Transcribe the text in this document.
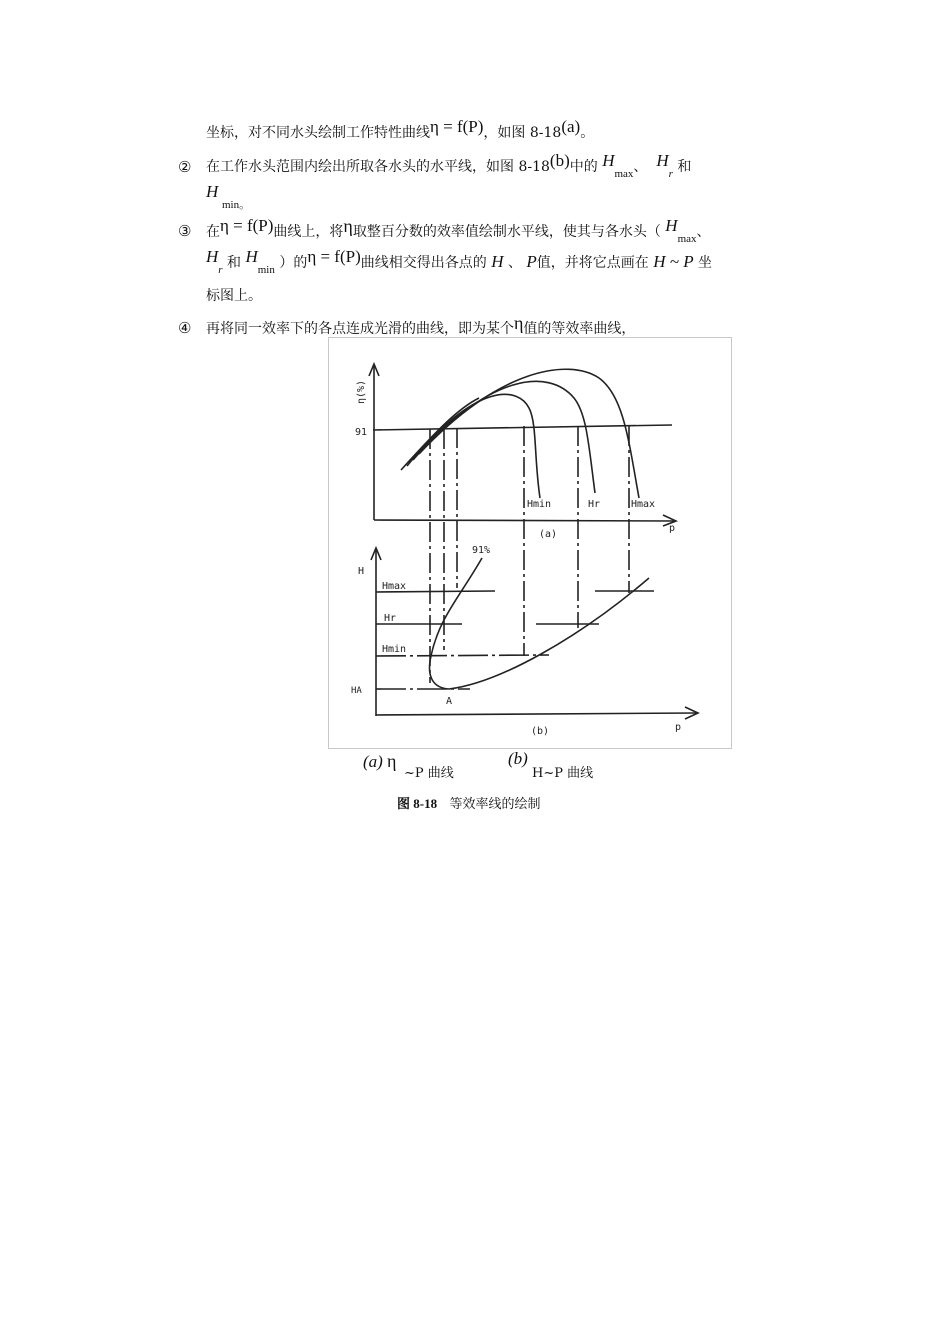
坐标，对不同水头绘制工作特性曲线η = f(P)，如图 8-18(a)。
② 在工作水头范围内绘出所取各水头的水平线，如图 8-18(b)中的 $H_{max}$、 $H_r$ 和
H
min。
③ 在η = f(P)曲线上，将η取整百分数的效率值绘制水平线，使其与各水头（ $H_{max}$、
$H_r$ 和 $H_{min}$ ）的η = f(P)曲线相交得出各点的 H 、 P值，并将它点画在 H ~ P 坐
标图上。
④ 再将同一效率下的各点连成光滑的曲线，即为某个η值的等效率曲线，
η(%)
91
Hmin	Hr	Hmax
p
(a)
H
91%
Hmax
Hr
Hmin
HA
A
p
(b)
(a) η
~P 曲线
(b)
H~P 曲线
图 8-18 等效率线的绘制
